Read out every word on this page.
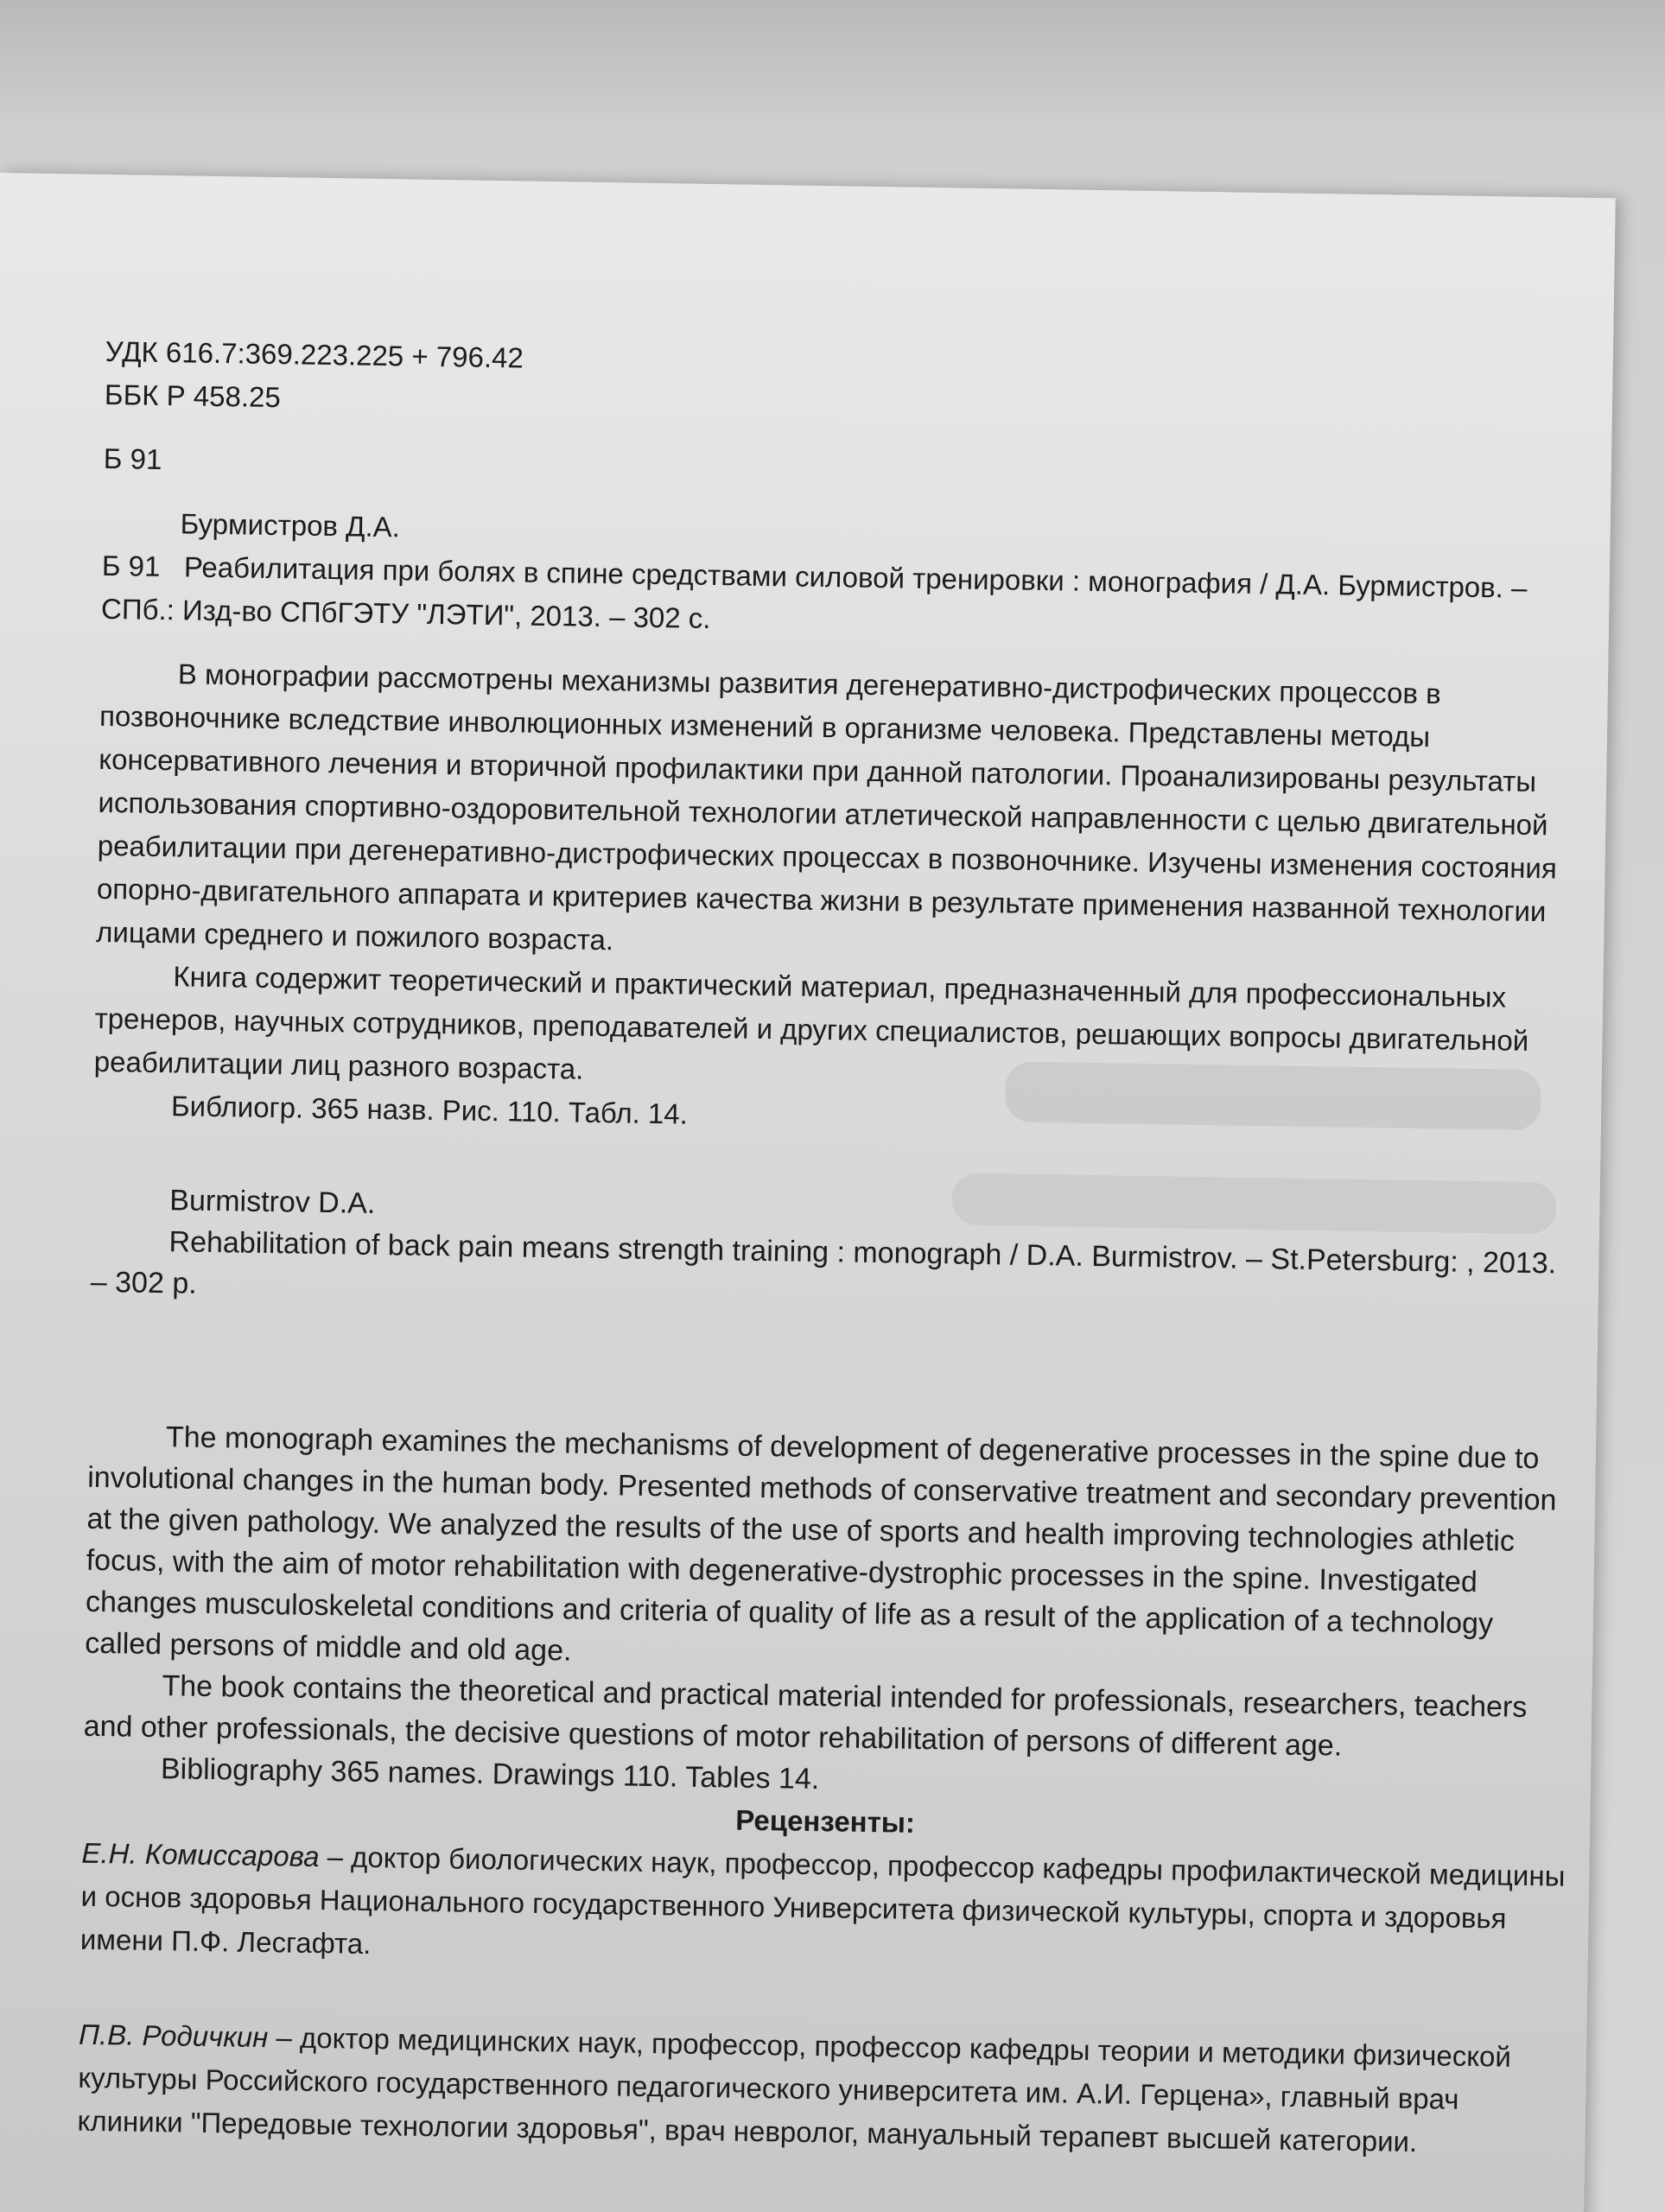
УДК 616.7:369.223.225 + 796.42

ББК Р 458.25

Б 91

Бурмистров Д.А.

Б 91 Реабилитация при болях в спине средствами силовой тренировки : монография / Д.А. Бурмистров. –

СПб.: Изд-во СПбГЭТУ "ЛЭТИ", 2013. – 302 с.

В монографии рассмотрены механизмы развития дегенеративно-дистрофических процессов в позвоночнике вследствие инволюционных изменений в организме человека. Представлены методы консервативного лечения и вторичной профилактики при данной патологии. Проанализированы результаты использования спортивно-оздоровительной технологии атлетической направленности с целью двигательной реабилитации при дегенеративно-дистрофических процессах в позвоночнике. Изучены изменения состояния опорно-двигательного аппарата и критериев качества жизни в результате применения названной технологии лицами среднего и пожилого возраста.

Книга содержит теоретический и практический материал, предназначенный для профессиональных тренеров, научных сотрудников, преподавателей и других специалистов, решающих вопросы двигательной реабилитации лиц разного возраста.

Библиогр. 365 назв. Рис. 110. Табл. 14.

Burmistrov D.A.

Rehabilitation of back pain means strength training : monograph / D.A. Burmistrov. – St.Petersburg: , 2013. – 302 p.

The monograph examines the mechanisms of development of degenerative processes in the spine due to involutional changes in the human body. Presented methods of conservative treatment and secondary prevention at the given pathology. We analyzed the results of the use of sports and health improving technologies athletic focus, with the aim of motor rehabilitation with degenerative-dystrophic processes in the spine. Investigated changes musculoskeletal conditions and criteria of quality of life as a result of the application of a technology called persons of middle and old age.

The book contains the theoretical and practical material intended for professionals, researchers, teachers and other professionals, the decisive questions of motor rehabilitation of persons of different age.

Bibliography 365 names. Drawings 110. Tables 14.

Рецензенты:

Е.Н. Комиссарова – доктор биологических наук, профессор, профессор кафедры профилактической медицины и основ здоровья Национального государственного Университета физической культуры, спорта и здоровья имени П.Ф. Лесгафта.

П.В. Родичкин – доктор медицинских наук, профессор, профессор кафедры теории и методики физической культуры Российского государственного педагогического университета им. А.И. Герцена», главный врач клиники "Передовые технологии здоровья", врач невролог, мануальный терапевт высшей категории.
